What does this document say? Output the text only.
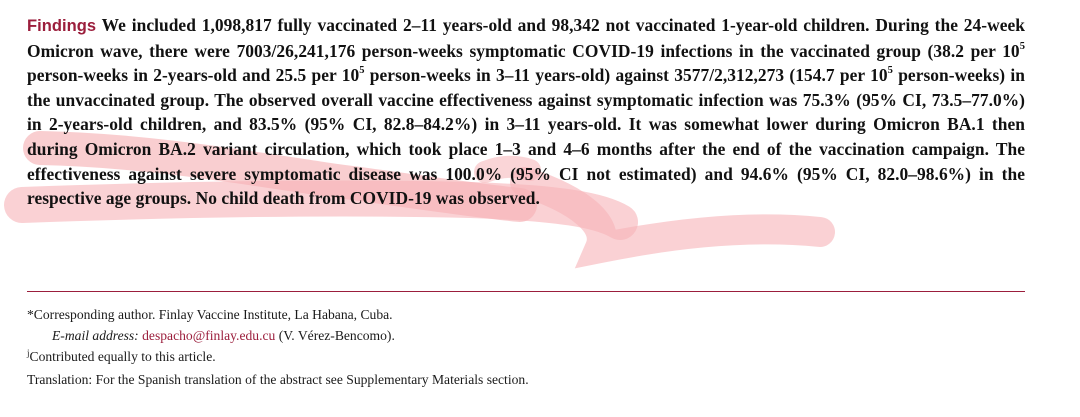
Findings We included 1,098,817 fully vaccinated 2–11 years-old and 98,342 not vaccinated 1-year-old children. During the 24-week Omicron wave, there were 7003/26,241,176 person-weeks symptomatic COVID-19 infections in the vaccinated group (38.2 per $10^5$ person-weeks in 2-years-old and 25.5 per $10^5$ person-weeks in 3–11 years-old) against 3577/2,312,273 (154.7 per $10^5$ person-weeks) in the unvaccinated group. The observed overall vaccine effectiveness against symptomatic infection was 75.3% (95% CI, 73.5–77.0%) in 2-years-old children, and 83.5% (95% CI, 82.8–84.2%) in 3–11 years-old. It was somewhat lower during Omicron BA.1 then during Omicron BA.2 variant circulation, which took place 1–3 and 4–6 months after the end of the vaccination campaign. The effectiveness against severe symptomatic disease was 100.0% (95% CI not estimated) and 94.6% (95% CI, 82.0–98.6%) in the respective age groups. No child death from COVID-19 was observed.
*Corresponding author. Finlay Vaccine Institute, La Habana, Cuba.
E-mail address: despacho@finlay.edu.cu (V. Vérez-Bencomo).
$^j$Contributed equally to this article.
Translation: For the Spanish translation of the abstract see Supplementary Materials section.
